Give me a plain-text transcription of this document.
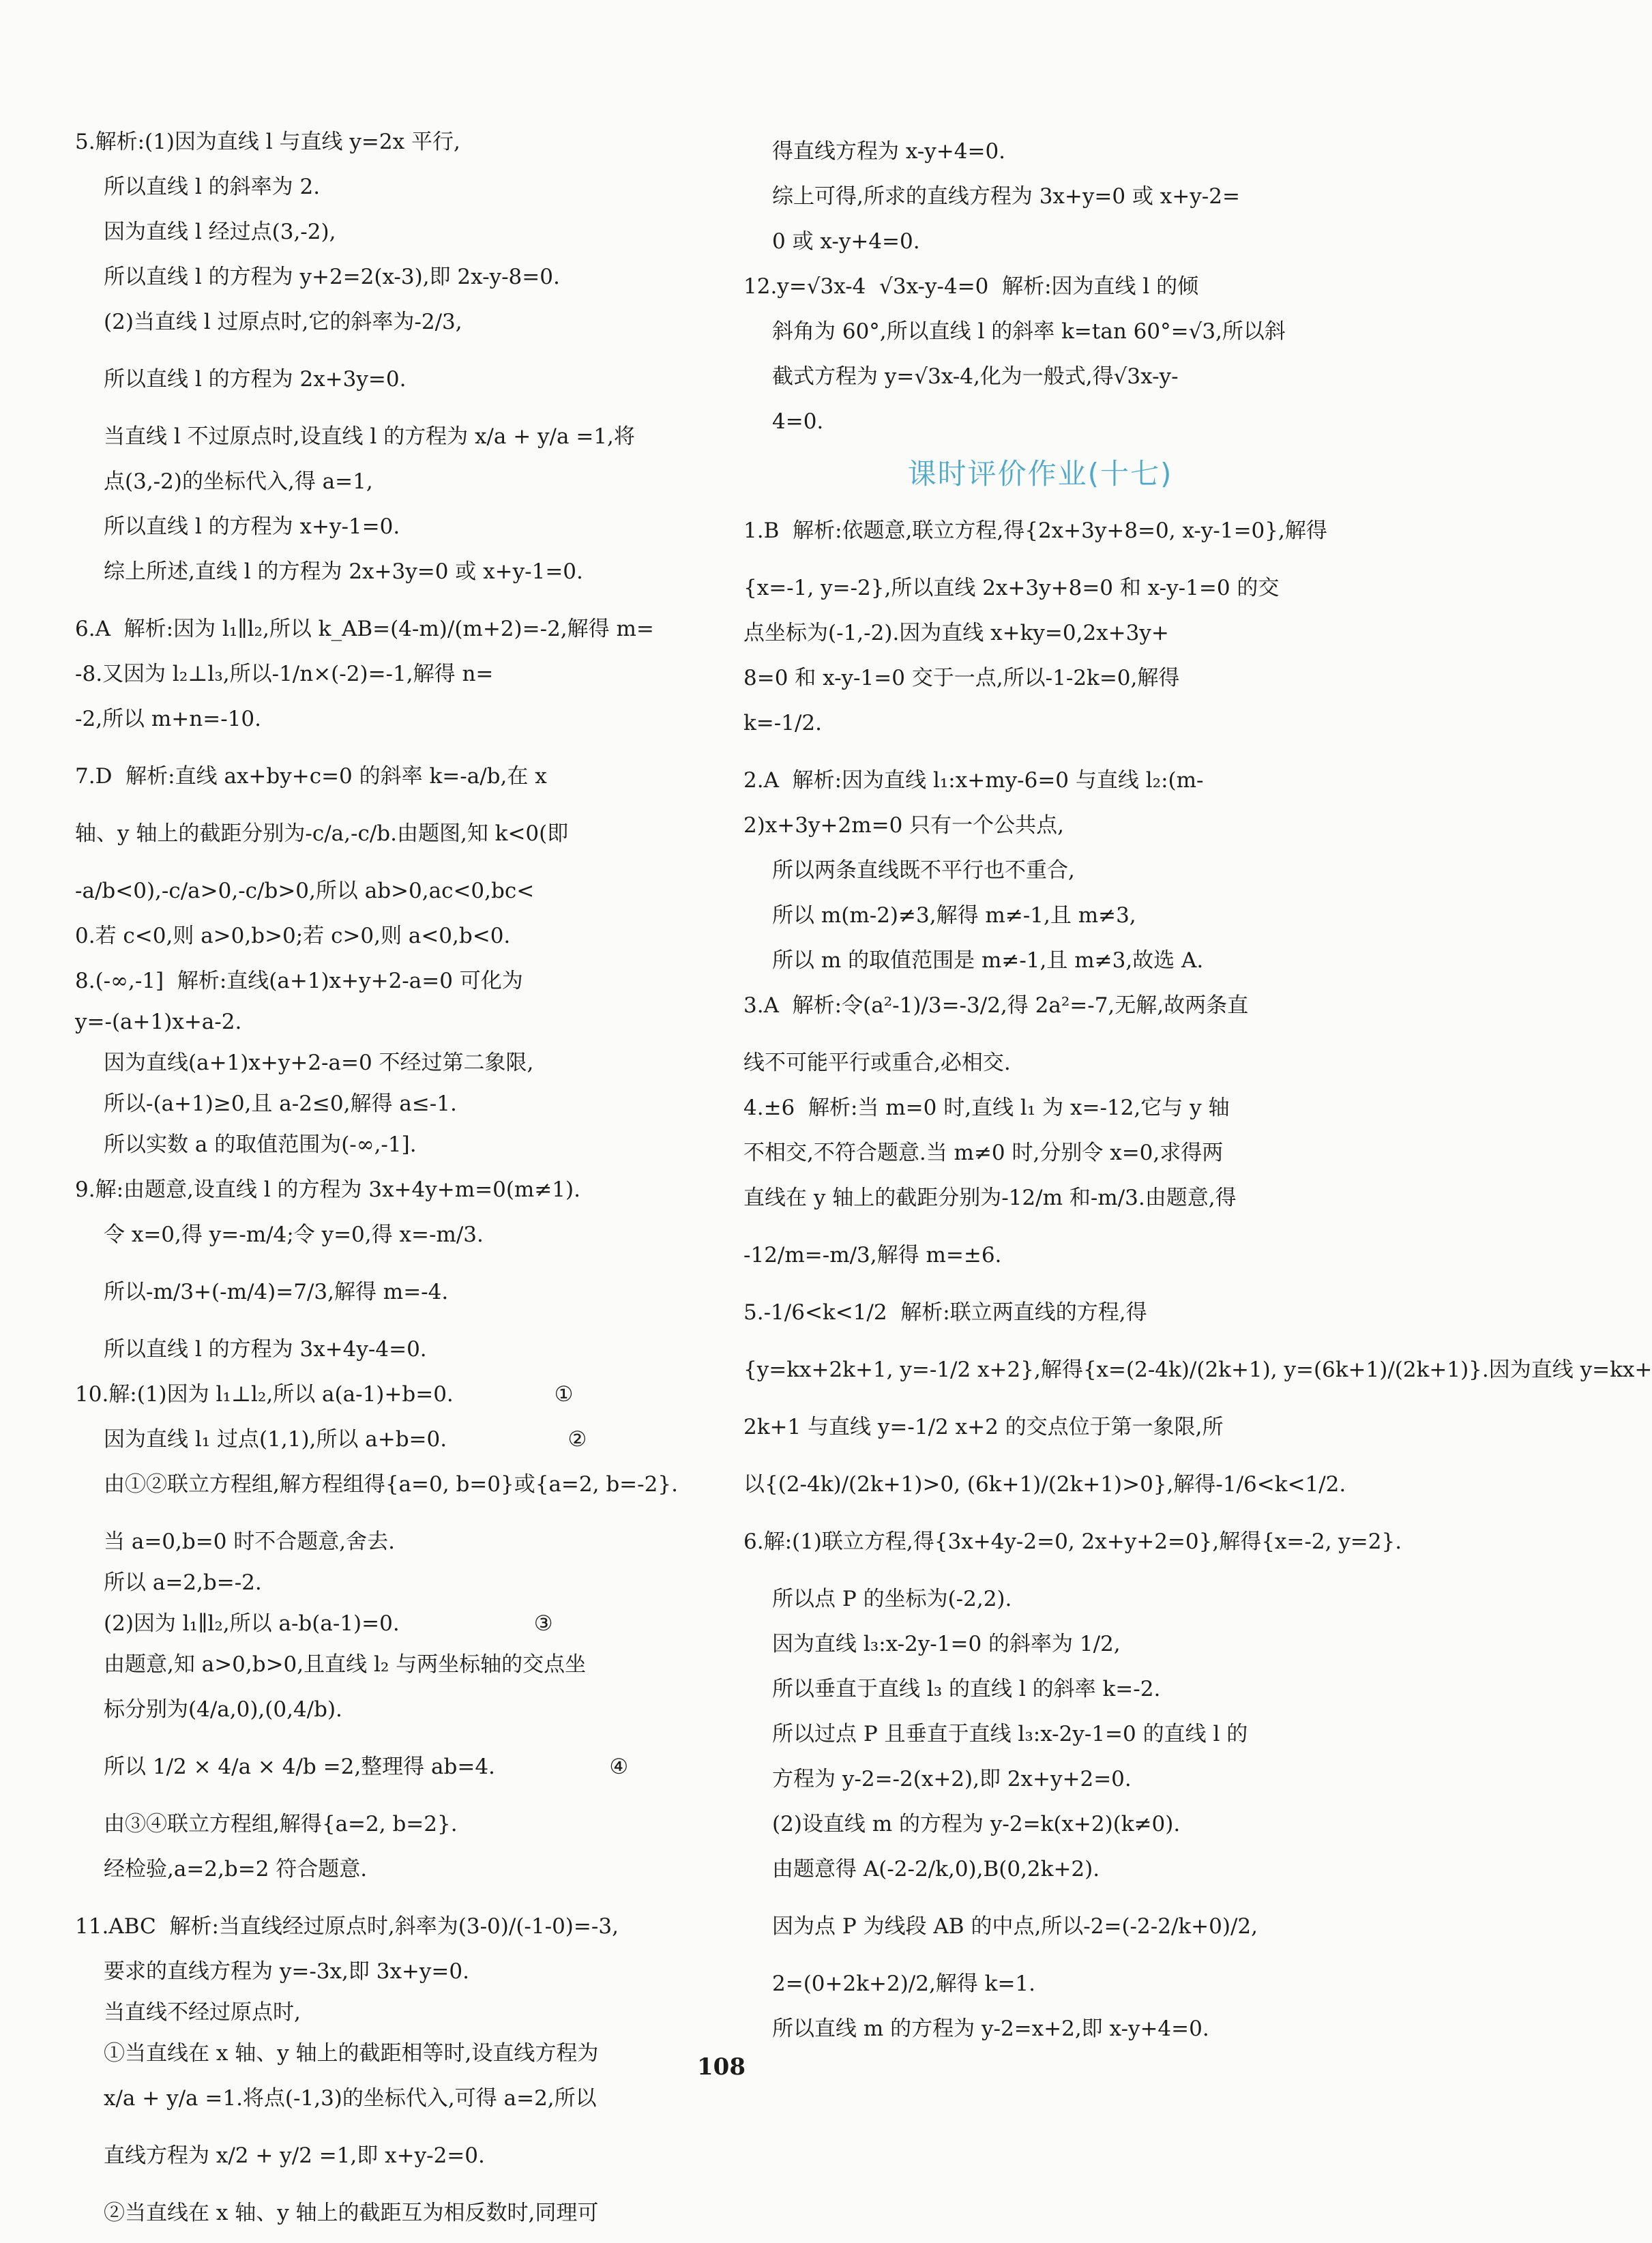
5.解析:(1)因为直线 l 与直线 y=2x 平行,
所以直线 l 的斜率为 2.
因为直线 l 经过点(3,-2),
所以直线 l 的方程为 y+2=2(x-3),即 2x-y-8=0.
(2)当直线 l 过原点时,它的斜率为-2/3,
所以直线 l 的方程为 2x+3y=0.
当直线 l 不过原点时,设直线 l 的方程为 x/a + y/a =1,将
点(3,-2)的坐标代入,得 a=1,
所以直线 l 的方程为 x+y-1=0.
综上所述,直线 l 的方程为 2x+3y=0 或 x+y-1=0.
6.A  解析:因为 l₁∥l₂,所以 k_AB=(4-m)/(m+2)=-2,解得 m=
-8.又因为 l₂⊥l₃,所以-1/n×(-2)=-1,解得 n=
-2,所以 m+n=-10.
7.D  解析:直线 ax+by+c=0 的斜率 k=-a/b,在 x
轴、y 轴上的截距分别为-c/a,-c/b.由题图,知 k<0(即
-a/b<0),-c/a>0,-c/b>0,所以 ab>0,ac<0,bc<
0.若 c<0,则 a>0,b>0;若 c>0,则 a<0,b<0.
8.(-∞,-1]  解析:直线(a+1)x+y+2-a=0 可化为
y=-(a+1)x+a-2.
因为直线(a+1)x+y+2-a=0 不经过第二象限,
所以-(a+1)≥0,且 a-2≤0,解得 a≤-1.
所以实数 a 的取值范围为(-∞,-1].
9.解:由题意,设直线 l 的方程为 3x+4y+m=0(m≠1).
令 x=0,得 y=-m/4;令 y=0,得 x=-m/3.
所以-m/3+(-m/4)=7/3,解得 m=-4.
所以直线 l 的方程为 3x+4y-4=0.
10.解:(1)因为 l₁⊥l₂,所以 a(a-1)+b=0.               ①
因为直线 l₁ 过点(1,1),所以 a+b=0.                  ②
由①②联立方程组,解方程组得{a=0, b=0}或{a=2, b=-2}.
当 a=0,b=0 时不合题意,舍去.
所以 a=2,b=-2.
(2)因为 l₁∥l₂,所以 a-b(a-1)=0.                    ③
由题意,知 a>0,b>0,且直线 l₂ 与两坐标轴的交点坐
标分别为(4/a,0),(0,4/b).
所以 1/2 × 4/a × 4/b =2,整理得 ab=4.                 ④
由③④联立方程组,解得{a=2, b=2}.
经检验,a=2,b=2 符合题意.
11.ABC  解析:当直线经过原点时,斜率为(3-0)/(-1-0)=-3,
要求的直线方程为 y=-3x,即 3x+y=0.
当直线不经过原点时,
①当直线在 x 轴、y 轴上的截距相等时,设直线方程为
x/a + y/a =1.将点(-1,3)的坐标代入,可得 a=2,所以
直线方程为 x/2 + y/2 =1,即 x+y-2=0.
②当直线在 x 轴、y 轴上的截距互为相反数时,同理可
得直线方程为 x-y+4=0.
综上可得,所求的直线方程为 3x+y=0 或 x+y-2=
0 或 x-y+4=0.
12.y=√3x-4  √3x-y-4=0  解析:因为直线 l 的倾
斜角为 60°,所以直线 l 的斜率 k=tan 60°=√3,所以斜
截式方程为 y=√3x-4,化为一般式,得√3x-y-
4=0.
课时评价作业(十七)
1.B  解析:依题意,联立方程,得{2x+3y+8=0, x-y-1=0},解得
{x=-1, y=-2},所以直线 2x+3y+8=0 和 x-y-1=0 的交
点坐标为(-1,-2).因为直线 x+ky=0,2x+3y+
8=0 和 x-y-1=0 交于一点,所以-1-2k=0,解得
k=-1/2.
2.A  解析:因为直线 l₁:x+my-6=0 与直线 l₂:(m-
2)x+3y+2m=0 只有一个公共点,
所以两条直线既不平行也不重合,
所以 m(m-2)≠3,解得 m≠-1,且 m≠3,
所以 m 的取值范围是 m≠-1,且 m≠3,故选 A.
3.A  解析:令(a²-1)/3=-3/2,得 2a²=-7,无解,故两条直
线不可能平行或重合,必相交.
4.±6  解析:当 m=0 时,直线 l₁ 为 x=-12,它与 y 轴
不相交,不符合题意.当 m≠0 时,分别令 x=0,求得两
直线在 y 轴上的截距分别为-12/m 和-m/3.由题意,得
-12/m=-m/3,解得 m=±6.
5.-1/6<k<1/2  解析:联立两直线的方程,得
{y=kx+2k+1, y=-1/2 x+2},解得{x=(2-4k)/(2k+1), y=(6k+1)/(2k+1)}.因为直线 y=kx+
2k+1 与直线 y=-1/2 x+2 的交点位于第一象限,所
以{(2-4k)/(2k+1)>0, (6k+1)/(2k+1)>0},解得-1/6<k<1/2.
6.解:(1)联立方程,得{3x+4y-2=0, 2x+y+2=0},解得{x=-2, y=2}.
所以点 P 的坐标为(-2,2).
因为直线 l₃:x-2y-1=0 的斜率为 1/2,
所以垂直于直线 l₃ 的直线 l 的斜率 k=-2.
所以过点 P 且垂直于直线 l₃:x-2y-1=0 的直线 l 的
方程为 y-2=-2(x+2),即 2x+y+2=0.
(2)设直线 m 的方程为 y-2=k(x+2)(k≠0).
由题意得 A(-2-2/k,0),B(0,2k+2).
因为点 P 为线段 AB 的中点,所以-2=(-2-2/k+0)/2,
2=(0+2k+2)/2,解得 k=1.
所以直线 m 的方程为 y-2=x+2,即 x-y+4=0.
108
